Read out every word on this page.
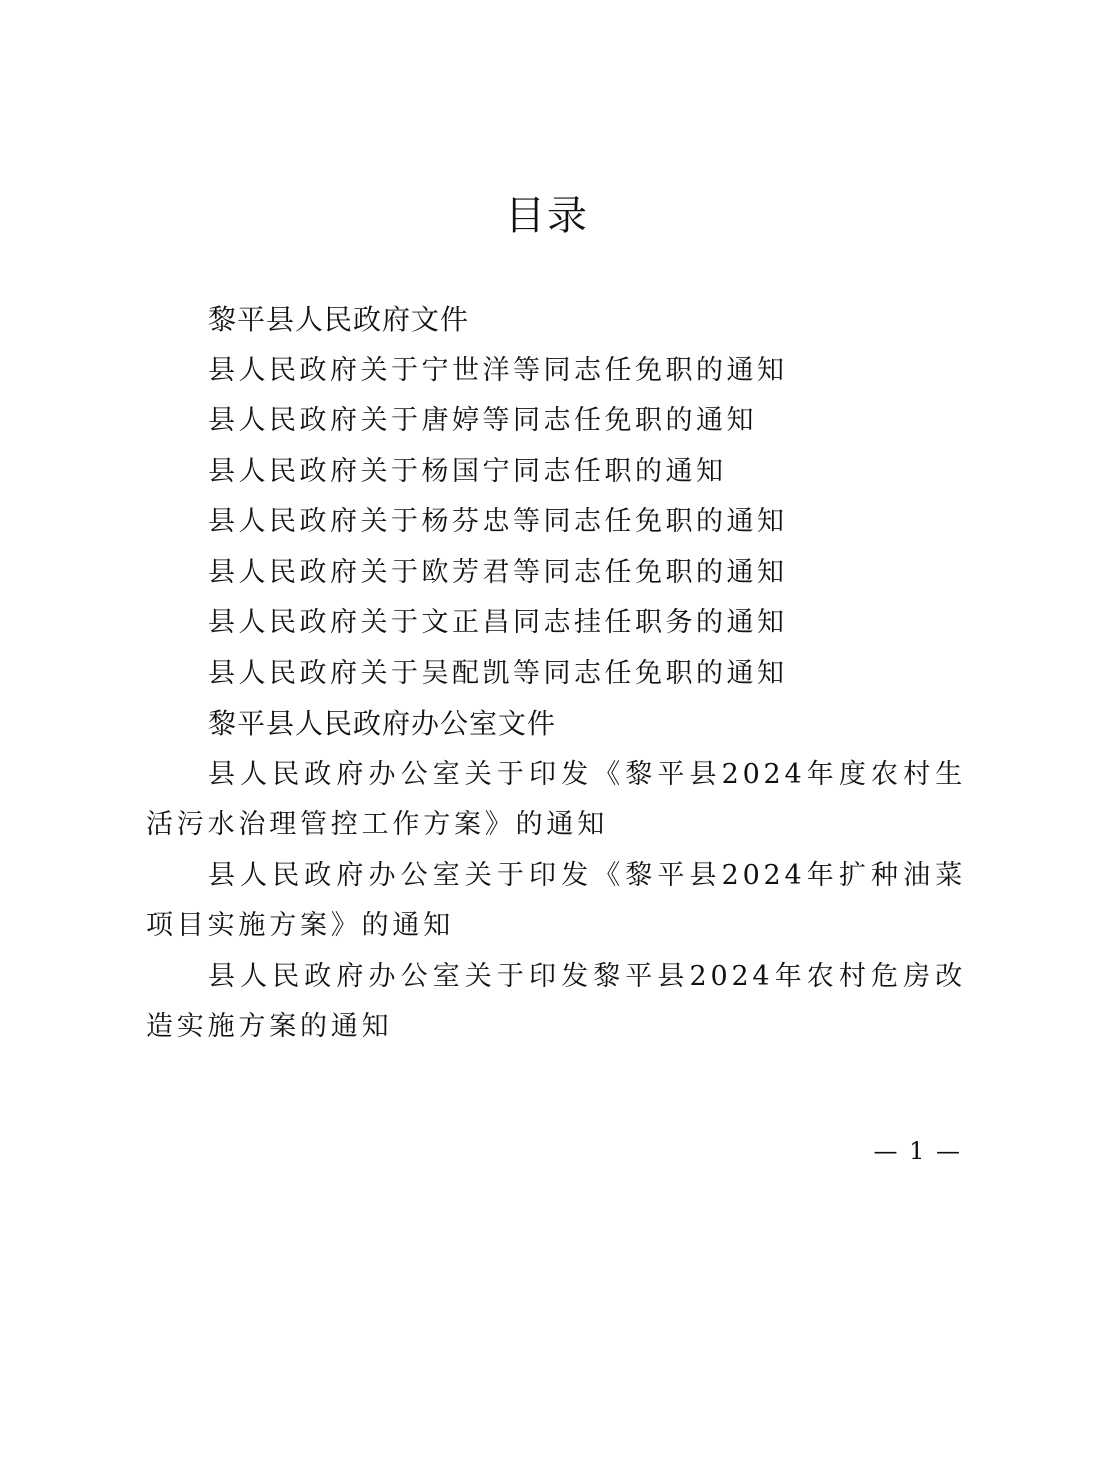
目录
黎平县人民政府文件
县人民政府关于宁世洋等同志任免职的通知
县人民政府关于唐婷等同志任免职的通知
县人民政府关于杨国宁同志任职的通知
县人民政府关于杨芬忠等同志任免职的通知
县人民政府关于欧芳君等同志任免职的通知
县人民政府关于文正昌同志挂任职务的通知
县人民政府关于吴配凯等同志任免职的通知
黎平县人民政府办公室文件

县人民政府办公室关于印发《黎平县2024年度农村生活污水治理管控工作方案》的通知

县人民政府办公室关于印发《黎平县2024年扩种油菜项目实施方案》的通知

县人民政府办公室关于印发黎平县2024年农村危房改造实施方案的通知

— 1 —
